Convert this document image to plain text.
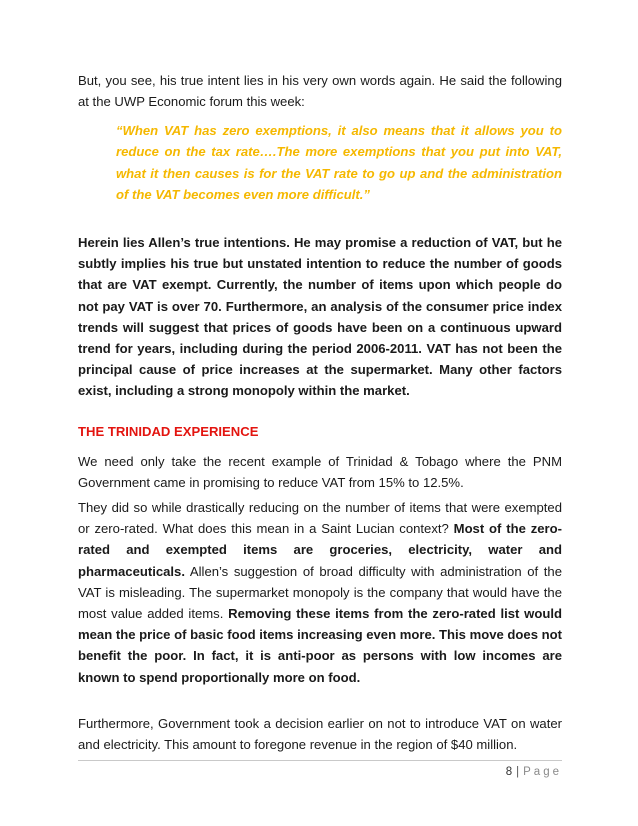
But, you see, his true intent lies in his very own words again. He said the following at the UWP Economic forum this week:

“When VAT has zero exemptions, it also means that it allows you to reduce on the tax rate….The more exemptions that you put into VAT, what it then causes is for the VAT rate to go up and the administration of the VAT becomes even more difficult.”

Herein lies Allen’s true intentions. He may promise a reduction of VAT, but he subtly implies his true but unstated intention to reduce the number of goods that are VAT exempt. Currently, the number of items upon which people do not pay VAT is over 70. Furthermore, an analysis of the consumer price index trends will suggest that prices of goods have been on a continuous upward trend for years, including during the period 2006-2011. VAT has not been the principal cause of price increases at the supermarket. Many other factors exist, including a strong monopoly within the market.

THE TRINIDAD EXPERIENCE

We need only take the recent example of Trinidad & Tobago where the PNM Government came in promising to reduce VAT from 15% to 12.5%.

They did so while drastically reducing on the number of items that were exempted or zero-rated. What does this mean in a Saint Lucian context? Most of the zero-rated and exempted items are groceries, electricity, water and pharmaceuticals. Allen’s suggestion of broad difficulty with administration of the VAT is misleading. The supermarket monopoly is the company that would have the most value added items. Removing these items from the zero-rated list would mean the price of basic food items increasing even more. This move does not benefit the poor. In fact, it is anti-poor as persons with low incomes are known to spend proportionally more on food.

Furthermore, Government took a decision earlier on not to introduce VAT on water and electricity. This amount to foregone revenue in the region of $40 million.

8 | Page
